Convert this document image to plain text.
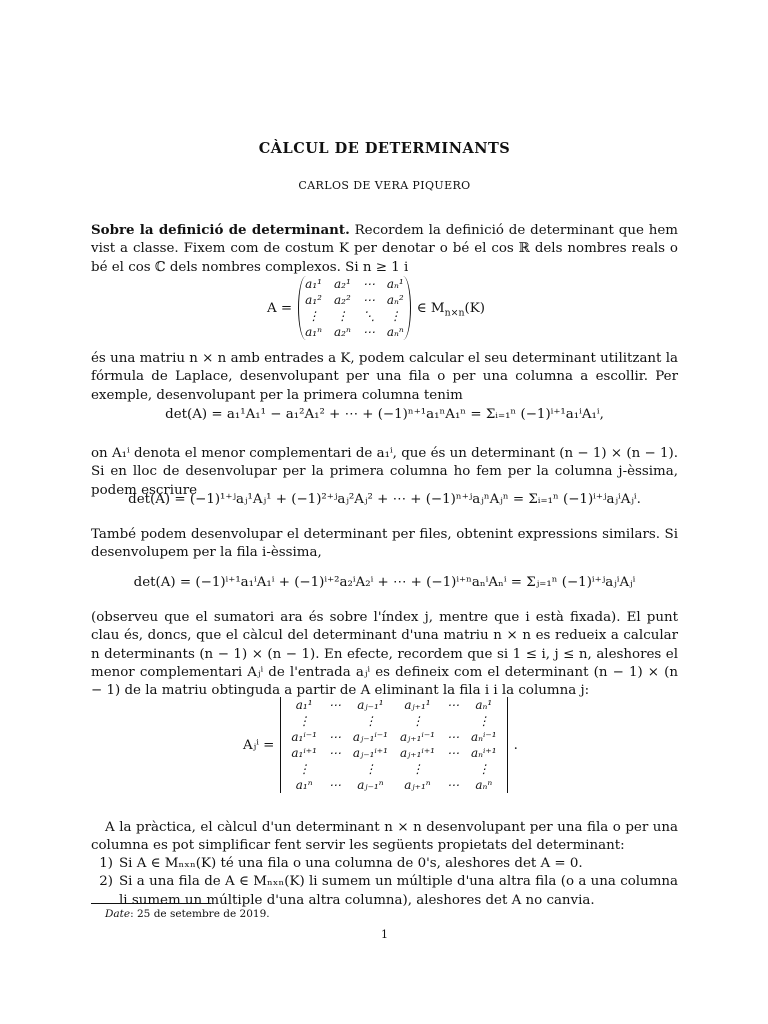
CÀLCUL DE DETERMINANTS
CARLOS DE VERA PIQUERO

Sobre la definició de determinant. Recordem la definició de determinant que hem vist a classe. Fixem com de costum K per denotar o bé el cos ℝ dels nombres reals o bé el cos ℂ dels nombres complexos. Si n ≥ 1 i

A =
a₁¹	a₂¹	⋯	aₙ¹
a₁²	a₂²	⋯	aₙ²
⋮	⋮	⋱	⋮
a₁ⁿ	a₂ⁿ	⋯	aₙⁿ
∈ $M_{n\times n}(K)$

és una matriu n × n amb entrades a K, podem calcular el seu determinant utilitzant la fórmula de Laplace, desenvolupant per una fila o per una columna a escollir. Per exemple, desenvolupant per la primera columna tenim

det(A) = a₁¹A₁¹ − a₁²A₁² + ⋯ + (−1)ⁿ⁺¹a₁ⁿA₁ⁿ = Σᵢ₌₁ⁿ (−1)ⁱ⁺¹a₁ⁱA₁ⁱ,

on A₁ⁱ denota el menor complementari de a₁ⁱ, que és un determinant (n − 1) × (n − 1). Si en lloc de desenvolupar per la primera columna ho fem per la columna j-èssima, podem escriure

det(A) = (−1)¹⁺ʲaⱼ¹Aⱼ¹ + (−1)²⁺ʲaⱼ²Aⱼ² + ⋯ + (−1)ⁿ⁺ʲaⱼⁿAⱼⁿ = Σᵢ₌₁ⁿ (−1)ⁱ⁺ʲaⱼⁱAⱼⁱ.

També podem desenvolupar el determinant per files, obtenint expressions similars. Si desenvolupem per la fila i-èssima,

det(A) = (−1)ⁱ⁺¹a₁ⁱA₁ⁱ + (−1)ⁱ⁺²a₂ⁱA₂ⁱ + ⋯ + (−1)ⁱ⁺ⁿaₙⁱAₙⁱ = Σⱼ₌₁ⁿ (−1)ⁱ⁺ʲaⱼⁱAⱼⁱ

(observeu que el sumatori ara és sobre l'índex j, mentre que i està fixada). El punt clau és, doncs, que el càlcul del determinant d'una matriu n × n es redueix a calcular n determinants (n − 1) × (n − 1). En efecte, recordem que si 1 ≤ i, j ≤ n, aleshores el menor complementari Aⱼⁱ de l'entrada aⱼⁱ es defineix com el determinant (n − 1) × (n − 1) de la matriu obtinguda a partir de A eliminant la fila i i la columna j:

Aⱼⁱ =
a₁¹	⋯	aⱼ₋₁¹	aⱼ₊₁¹	⋯	aₙ¹
⋮		⋮	⋮		⋮
a₁ⁱ⁻¹	⋯	aⱼ₋₁ⁱ⁻¹	aⱼ₊₁ⁱ⁻¹	⋯	aₙⁱ⁻¹
a₁ⁱ⁺¹	⋯	aⱼ₋₁ⁱ⁺¹	aⱼ₊₁ⁱ⁺¹	⋯	aₙⁱ⁺¹
⋮		⋮	⋮		⋮
a₁ⁿ	⋯	aⱼ₋₁ⁿ	aⱼ₊₁ⁿ	⋯	aₙⁿ
.

A la pràctica, el càlcul d'un determinant n × n desenvolupant per una fila o per una columna es pot simplificar fent servir les següents propietats del determinant:

1) Si A ∈ Mₙₓₙ(K) té una fila o una columna de 0's, aleshores det A = 0.
2) Si a una fila de A ∈ Mₙₓₙ(K) li sumem un múltiple d'una altra fila (o a una columna li sumem un múltiple d'una altra columna), aleshores det A no canvia.
Date: 25 de setembre de 2019.
1
